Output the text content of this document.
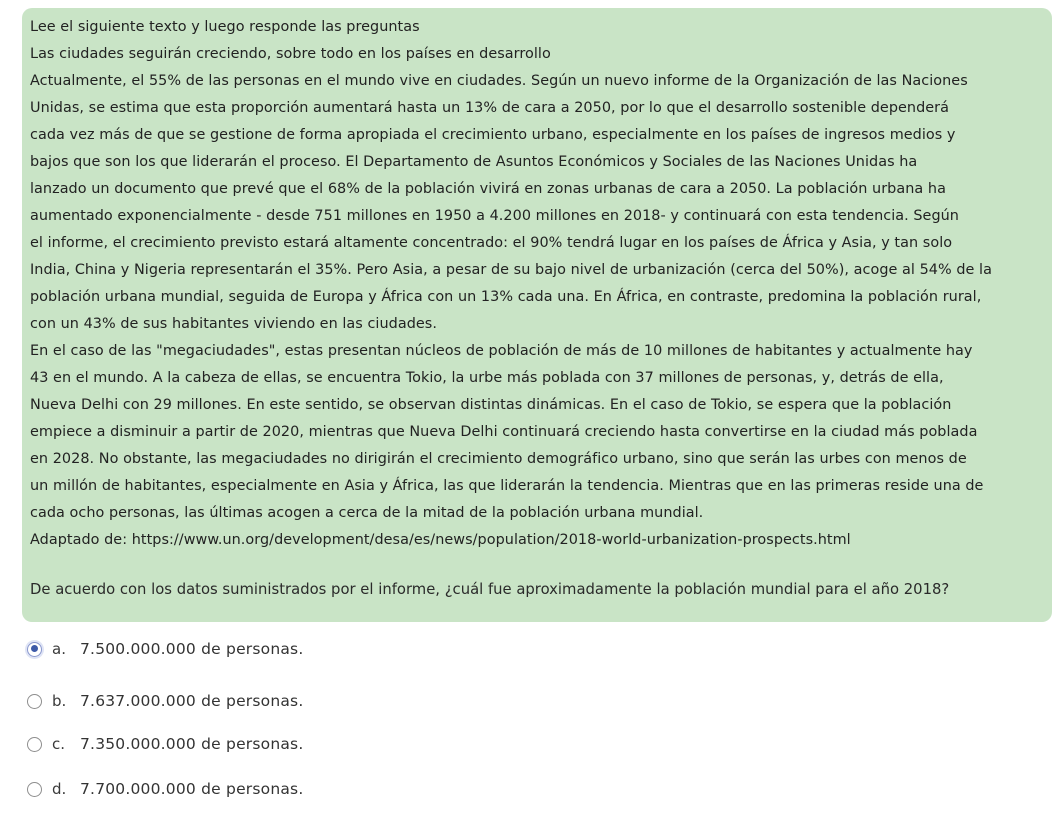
Lee el siguiente texto y luego responde las preguntas
Las ciudades seguirán creciendo, sobre todo en los países en desarrollo
Actualmente, el 55% de las personas en el mundo vive en ciudades. Según un nuevo informe de la Organización de las Naciones
Unidas, se estima que esta proporción aumentará hasta un 13% de cara a 2050, por lo que el desarrollo sostenible dependerá
cada vez más de que se gestione de forma apropiada el crecimiento urbano, especialmente en los países de ingresos medios y
bajos que son los que liderarán el proceso. El Departamento de Asuntos Económicos y Sociales de las Naciones Unidas ha
lanzado un documento que prevé que el 68% de la población vivirá en zonas urbanas de cara a 2050. La población urbana ha
aumentado exponencialmente - desde 751 millones en 1950 a 4.200 millones en 2018- y continuará con esta tendencia. Según
el informe, el crecimiento previsto estará altamente concentrado: el 90% tendrá lugar en los países de África y Asia, y tan solo
India, China y Nigeria representarán el 35%. Pero Asia, a pesar de su bajo nivel de urbanización (cerca del 50%), acoge al 54% de la
población urbana mundial, seguida de Europa y África con un 13% cada una. En África, en contraste, predomina la población rural,
con un 43% de sus habitantes viviendo en las ciudades.
En el caso de las "megaciudades", estas presentan núcleos de población de más de 10 millones de habitantes y actualmente hay
43 en el mundo. A la cabeza de ellas, se encuentra Tokio, la urbe más poblada con 37 millones de personas, y, detrás de ella,
Nueva Delhi con 29 millones. En este sentido, se observan distintas dinámicas. En el caso de Tokio, se espera que la población
empiece a disminuir a partir de 2020, mientras que Nueva Delhi continuará creciendo hasta convertirse en la ciudad más poblada
en 2028. No obstante, las megaciudades no dirigirán el crecimiento demográfico urbano, sino que serán las urbes con menos de
un millón de habitantes, especialmente en Asia y África, las que liderarán la tendencia. Mientras que en las primeras reside una de
cada ocho personas, las últimas acogen a cerca de la mitad de la población urbana mundial.
Adaptado de: https://www.un.org/development/desa/es/news/population/2018-world-urbanization-prospects.html
De acuerdo con los datos suministrados por el informe, ¿cuál fue aproximadamente la población mundial para el año 2018?
a. 7.500.000.000 de personas.
b. 7.637.000.000 de personas.
c. 7.350.000.000 de personas.
d. 7.700.000.000 de personas.
